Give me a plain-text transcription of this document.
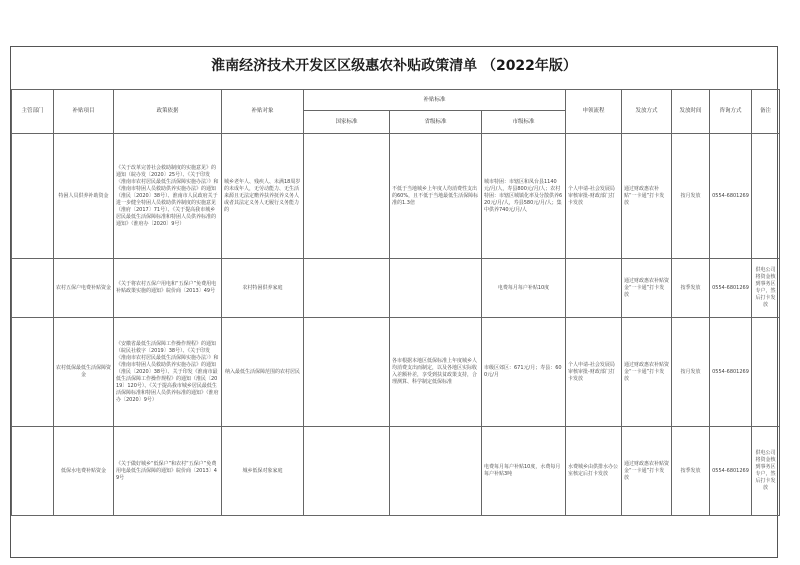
淮南经济技术开发区区级惠农补贴政策清单 （2022年版）
主管部门	补贴项目	政策依据	补贴对象	补贴标准			申领流程	发放方式	发放时间	咨询方式	备注
				国家标准	省级标准	市级标准					
	特困人员供养补助资金	《关于改革完善社会救助制度的实施意见》的通知（皖办发〔2020〕25号）、《关于印发〈淮南市农村居民最低生活保障实施办法〉》和《淮南市特困人员救助供养实施办法》的通知（淮民〔2020〕38号）、淮南市人民政府关于进一步健全特困人员救助供养制度的实施意见（淮府〔2017〕71号）、《关于提高我市城乡居民最低生活保障标准和特困人员供养标准的通知》（淮府办〔2020〕9号）	城乡老年人、残疾人、未满18周岁的未成年人，无劳动能力、无生活来源且无法定赡养扶养抚养义务人或者其法定义务人无履行义务能力的		不低于当地城乡上年度人均消费性支出的60%，且不低于当地最低生活保障标准的1.3倍	城市特困：市辖区和凤台县1140元/月/人，寿县800元/月/人；农村特困：市辖区城镇化率及分散供养620元/月/人，寿县580元/月/人；集中供养740元/月/人	个人申请-社会发展局审核审批-财政部门打卡发放	通过财政惠农补贴“一卡通”打卡发放	按月发放	0554-6801269	
	农村五保户电费补贴资金	《关于将农村五保户用电和“五保户”免费用电补贴政策实施的通知》皖价商〔2013〕49号	农村特困供养家庭			电费每月每户补贴10度		通过财政惠农补贴资金“一卡通”打卡发放	按季发放	0554-6801269	供电公司将资金核到事务区专户，然后打卡发放
	农村低保最低生活保障资金	《安徽省最低生活保障工作操作规程》的通知（皖民社救字〔2019〕38号）、《关于印发〈淮南市农村居民最低生活保障实施办法〉》和《淮南市特困人员救助供养实施办法》的通知（淮民〔2020〕38号）、关于印发《淮南市最低生活保障工作操作规程》的通知（淮民〔2019〕120号）、《关于提高我市城乡居民最低生活保障标准和特困人员供养标准的通知》（淮府办〔2020〕9号）	纳入最低生活保障范围的农村居民		各市根据本地区低保标准上年度城乡人均消费支出而制定，以及各地区实际收入差额补差，享受到扶贫政策支持，合理测算、科学制定低保标准	市级区郊区：671元/月；寿县：600元/月	个人申请-社会发展局审核审批-财政部门打卡发放	通过财政惠农补贴资金“一卡通”打卡发放	按月发放	0554-6801269	
	低保水电费补贴资金	《关于做好城乡“低保户”和农村“五保户”免费用电最低生活保障的通知》皖价商〔2013〕49号	城乡低保对象家庭			电费每月每户补贴10度，水费每月每户补贴3吨	水费城乡由供排水办公室核定后打卡发放	通过财政惠农补贴资金“一卡通”打卡发放	按季发放	0554-6801269	供电公司将资金核到事务区专户，然后打卡发放
